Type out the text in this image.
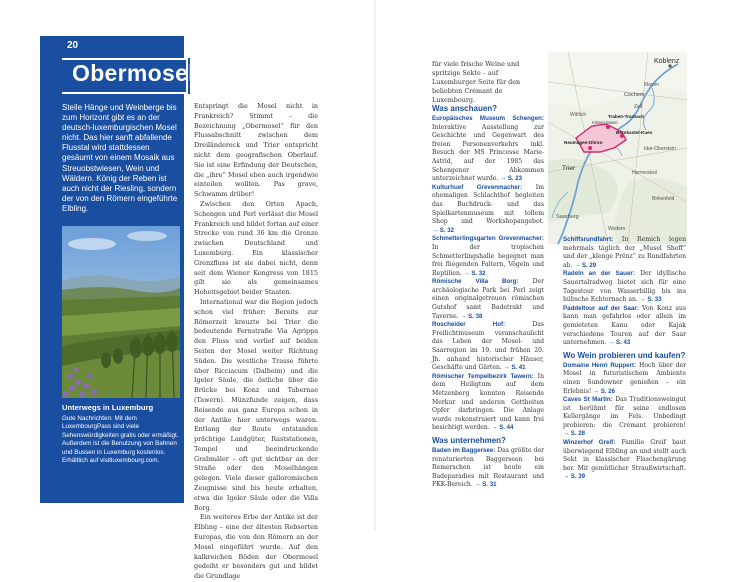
20
Obermosel
Steile Hänge und Weinberge bis zum Horizont gibt es an der deutsch-luxemburgischen Mosel nicht. Das hier sanft abfallende Flusstal wird stattdessen gesäumt von einem Mosaik aus Streuobstwiesen, Wein und Wäldern. König der Reben ist auch nicht der Riesling, sondern der von den Römern eingeführte Elbling.
Unterwegs in Luxemburg
Gute Nachrichten: Mit dem LuxembourgPass sind viele Sehenswürdigkeiten gratis oder ermäßigt. Außerdem ist die Benutzung von Bahnen und Bussen in Luxemburg kostenlos. Erhältlich auf visitluxembourg.com.

Entspringt die Mosel nicht in Frankreich? Stimmt – die Bezeichnung „Obermosel“ für den Flussabschnitt zwischen dem Dreiländereck und Trier entspricht nicht dem geografischen Oberlauf. Sie ist eine Erfindung der Deutschen, die „ihre“ Mosel eben auch irgendwie einteilen wollten. Pas grave, Schwamm drüber!

Zwischen den Orten Apach, Schengen und Perl verlässt die Mosel Frankreich und bildet fortan auf einer Strecke von rund 36 km die Grenze zwischen Deutschland und Luxemburg. Ein klassischer Grenzfluss ist sie dabei nicht, denn seit dem Wiener Kongress von 1815 gilt sie als gemeinsames Hoheitsgebiet beider Staaten.

International war die Region jedoch schon viel früher: Bereits zur Römerzeit kreuzte bei Trier die bedeutende Fernstraße Via Agrippa den Fluss und verlief auf beiden Seiten der Mosel weiter Richtung Süden. Die westliche Trasse führte über Ricciacum (Dalheim) und die Igeler Säule, die östliche über die Brücke bei Konz und Tabernae (Tawern). Münzfunde zeigen, dass Reisende aus ganz Europa schon in der Antike hier unterwegs waren. Entlang der Route entstanden prächtige Landgüter, Raststationen, Tempel und beeindruckende Grabmäler – oft gut sichtbar an der Straße oder den Moselhängen gelegen. Viele dieser galloromischen Zeugnisse sind bis heute erhalten, etwa die Igeler Säule oder die Villa Borg.

Ein weiteres Erbe der Antike ist der Elbling – eine der ältesten Rebsorten Europas, die von den Römern an der Mosel eingeführt wurde. Auf den kalkreichen Böden der Obermosel gedeiht er besonders gut und bildet die Grundlage

für viele frische Weine und spritzige Sekte – auf Luxemburger Seite für den beliebten Crémant de Luxembourg.
Koblenz
Mayen
Cochem
Zell
Traben-Trarbach
Kleiner Mosel
Bernkastel-Kues
Neumagen-Dhron
Wittlich
Trier
Hermeskeil
Idar-Oberstein
Birkenfeld
Saarburg
Wadern
Was anschauen?
Europäisches Museum Schengen: Interaktive Ausstellung zur Geschichte und Gegenwart des freien Personenverkehrs inkl. Besuch der MS Princesse Marie-Astrid, auf der 1985 das Schengener Abkommen unterzeichnet wurde. → S. 23
Kulturhuef Grevenmacher: Im ehemaligen Schlachthof begleiten das Buchdruck- und das Spielkartenmuseum mit tollem Shop und Workshopangebot. → S. 32
Schmetterlingsgarten Grevenmacher: In der tropischen Schmetterlingshalle begegnet man frei fliegenden Faltern, Vögeln und Reptilien. → S. 32
Römische Villa Borg: Der archäologische Park bei Perl zeigt einen originalgetreuen römischen Gutshof samt Badetrakt und Taverne. → S. 38
Roscheider Hof: Das Freilichtmuseum veranschaulicht das Leben der Mosel- und Saarregion im 19. und frühen 20. Jh. anhand historischer Häuser, Geschäfte und Gärten. → S. 41
Römischer Tempelbezirk Tawern: In dem Heiligtum auf dem Metzenberg konnten Reisende Merkur und anderen Gottheiten Opfer darbringen. Die Anlage wurde rekonstruiert und kann frei besichtigt werden. → S. 44
Was unternehmen?
Baden im Baggersee: Das größte der renaturierten Baggerseen bei Remerschen ist heute ein Badeparadies mit Restaurant und FKK-Bereich. → S. 31
Schiffsrundfahrt: In Remich legen mehrmals täglich der „Musel Sheff“ und der „klenge Prënz“ zu Rundfahrten ab. → S. 29
Radeln an der Sauer: Der idyllische Sauertalradweg bietet sich für eine Tagestour von Wasserbillig bis ins hübsche Echternach an. → S. 33
Paddeltour auf der Saar: Von Konz aus kann man gefahrlos oder allein im gemieteten Kanu oder Kajak verschiedene Touren auf der Saar unternehmen. → S. 43
Wo Wein probieren und kaufen?
Domaine Henri Ruppert: Hoch über der Mosel in futuristischem Ambiente einen Sundowner genießen – ein Erlebnis! → S. 26
Caves St Martin: Das Traditionsweingut ist berühmt für seine endlosen Kellergänge im Fels. Unbedingt probieren: die Crémant probieren! → S. 28
Winzerhof Greif: Familie Greif baut überwiegend Elbling an und stellt auch Sekt in klassischer Flaschengärung her. Mit gemütlicher Straußwirtschaft. → S. 39
